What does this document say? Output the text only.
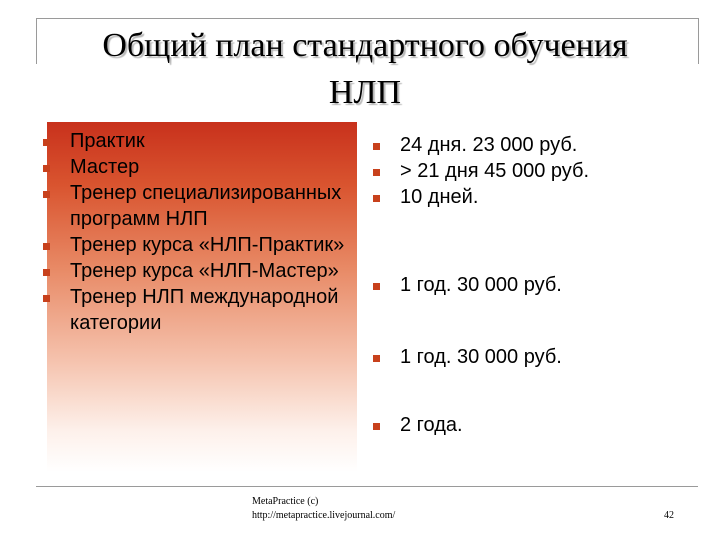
Общий план стандартного обучения
НЛП
Практик
Мастер
Тренер специализированных программ НЛП
Тренер курса «НЛП-Практик»
Тренер курса «НЛП-Мастер»
Тренер НЛП международной категории
24 дня. 23 000 руб.
> 21 дня 45 000 руб.
10 дней.
1 год. 30 000 руб.
1 год. 30 000 руб.
2 года.
MetaPractice (c)
http://metapractice.livejournal.com/	42
